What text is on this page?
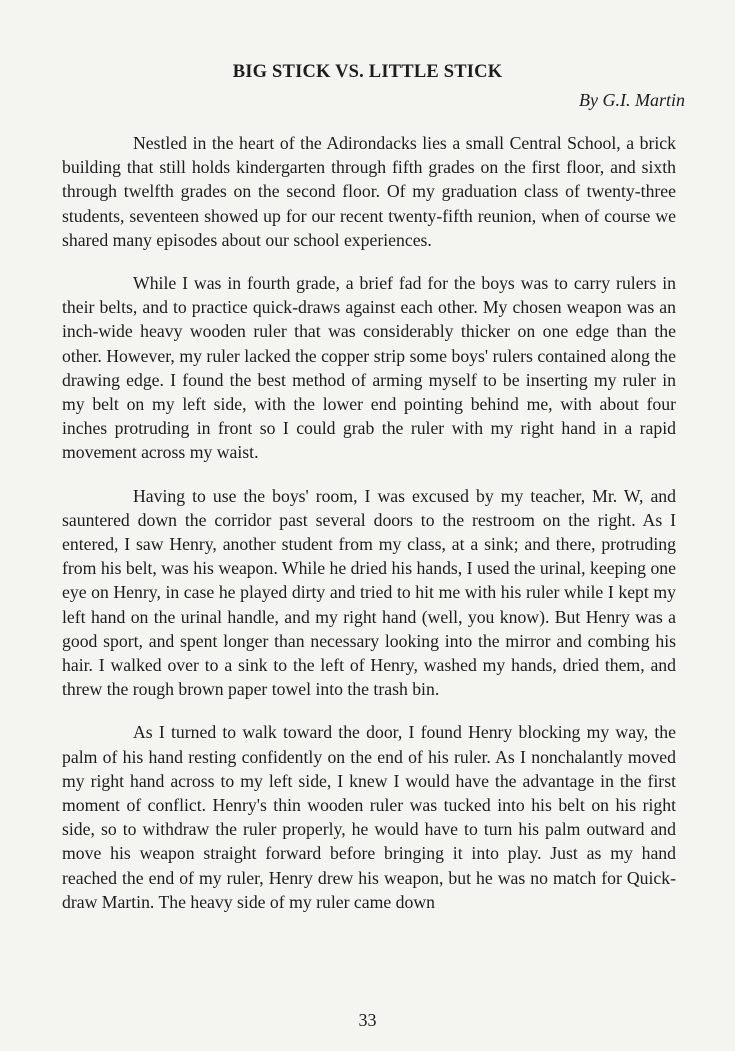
BIG STICK VS. LITTLE STICK
By G.I. Martin

Nestled in the heart of the Adirondacks lies a small Central School, a brick building that still holds kindergarten through fifth grades on the first floor, and sixth through twelfth grades on the second floor. Of my graduation class of twenty-three students, seventeen showed up for our recent twenty-fifth reunion, when of course we shared many episodes about our school experiences.

While I was in fourth grade, a brief fad for the boys was to carry rulers in their belts, and to practice quick-draws against each other. My chosen weapon was an inch-wide heavy wooden ruler that was considerably thicker on one edge than the other. However, my ruler lacked the copper strip some boys' rulers contained along the drawing edge. I found the best method of arming myself to be inserting my ruler in my belt on my left side, with the lower end pointing behind me, with about four inches protruding in front so I could grab the ruler with my right hand in a rapid movement across my waist.

Having to use the boys' room, I was excused by my teacher, Mr. W, and sauntered down the corridor past several doors to the restroom on the right. As I entered, I saw Henry, another student from my class, at a sink; and there, protruding from his belt, was his weapon. While he dried his hands, I used the urinal, keeping one eye on Henry, in case he played dirty and tried to hit me with his ruler while I kept my left hand on the urinal handle, and my right hand (well, you know). But Henry was a good sport, and spent longer than necessary looking into the mirror and combing his hair. I walked over to a sink to the left of Henry, washed my hands, dried them, and threw the rough brown paper towel into the trash bin.

As I turned to walk toward the door, I found Henry blocking my way, the palm of his hand resting confidently on the end of his ruler. As I nonchalantly moved my right hand across to my left side, I knew I would have the advantage in the first moment of conflict. Henry's thin wooden ruler was tucked into his belt on his right side, so to withdraw the ruler properly, he would have to turn his palm outward and move his weapon straight forward before bringing it into play. Just as my hand reached the end of my ruler, Henry drew his weapon, but he was no match for Quick-draw Martin. The heavy side of my ruler came down

33
